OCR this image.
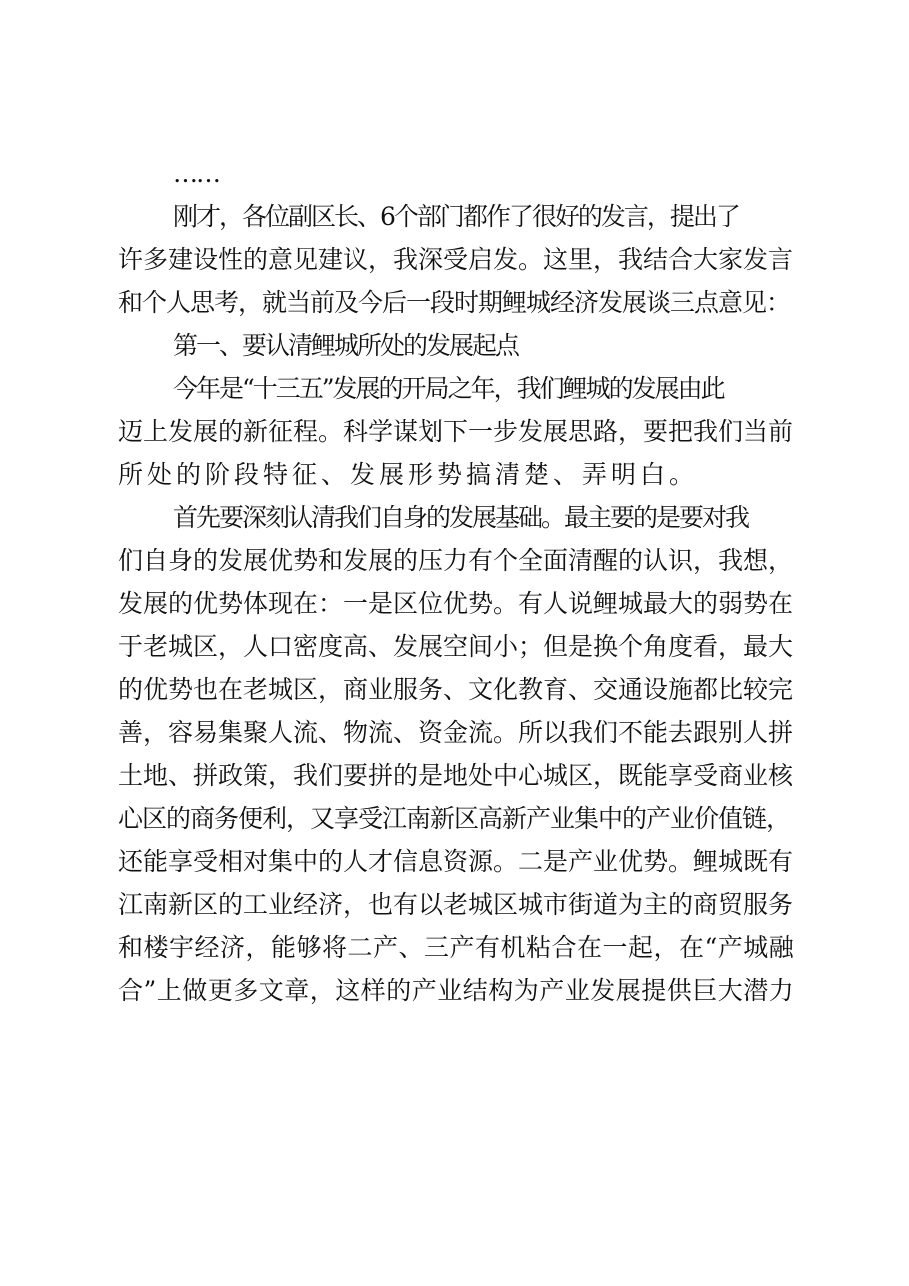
……
刚才，各位副区长、6个部门都作了很好的发言，提出了
许多建设性的意见建议，我深受启发。这里，我结合大家发言
和个人思考，就当前及今后一段时期鲤城经济发展谈三点意见：
第一、要认清鲤城所处的发展起点
今年是“十三五”发展的开局之年，我们鲤城的发展由此
迈上发展的新征程。科学谋划下一步发展思路，要把我们当前
所处的阶段特征、发展形势搞清楚、弄明白。
首先要深刻认清我们自身的发展基础。最主要的是要对我
们自身的发展优势和发展的压力有个全面清醒的认识，我想，
发展的优势体现在：一是区位优势。有人说鲤城最大的弱势在
于老城区，人口密度高、发展空间小；但是换个角度看，最大
的优势也在老城区，商业服务、文化教育、交通设施都比较完
善，容易集聚人流、物流、资金流。所以我们不能去跟别人拼
土地、拼政策，我们要拼的是地处中心城区，既能享受商业核
心区的商务便利，又享受江南新区高新产业集中的产业价值链，
还能享受相对集中的人才信息资源。二是产业优势。鲤城既有
江南新区的工业经济，也有以老城区城市街道为主的商贸服务
和楼宇经济，能够将二产、三产有机粘合在一起，在“产城融
合”上做更多文章，这样的产业结构为产业发展提供巨大潜力
